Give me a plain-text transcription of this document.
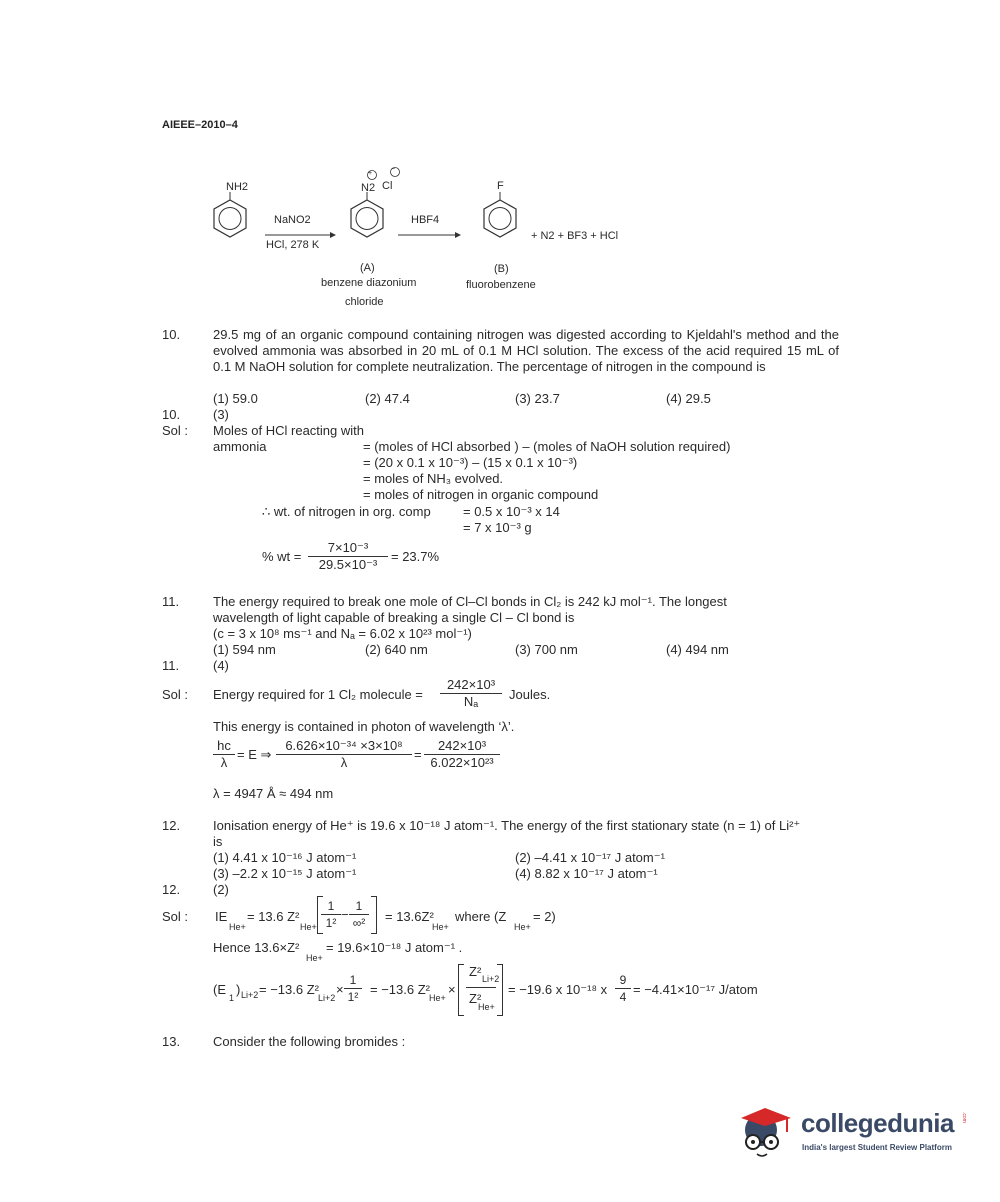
AIEEE–2010–4
NH2
+
−
N2 Cl	F
NaNO2
HCl, 278 K
HBF4
+ N2 + BF3 + HCl
(A)
benzene diazonium
chloride
(B)
fluorobenzene
10.	29.5 mg of an organic compound containing nitrogen was digested according to Kjeldahl's method and the evolved ammonia was absorbed in 20 mL of 0.1 M HCl solution. The excess of the acid required 15 mL of 0.1 M NaOH solution for complete neutralization. The percentage of nitrogen in the compound is
(1) 59.0	(2) 47.4	(3) 23.7	(4) 29.5
10.	(3)
Sol : Moles of HCl reacting with
ammonia	= (moles of HCl absorbed ) – (moles of NaOH solution required)
= (20 x 0.1 x 10⁻³) – (15 x 0.1 x 10⁻³)
= moles of NH₃ evolved.
= moles of nitrogen in organic compound
∴ wt. of nitrogen in org. comp = 0.5 x 10⁻³ x 14
= 7 x 10⁻³ g
% wt = $\frac{\text{7×10⁻³}}{\text{29.5×10⁻³}} = 23.7\%$
11.	The energy required to break one mole of Cl–Cl bonds in Cl₂ is 242 kJ mol⁻¹. The longest
wavelength of light capable of breaking a single Cl – Cl bond is
(c = 3 x 10⁸ ms⁻¹ and Nₐ = 6.02 x 10²³ mol⁻¹)
(1) 594 nm	(2) 640 nm	(3) 700 nm	(4) 494 nm
11.	(4)
Sol : Energy required for 1 Cl₂ molecule = $\frac{\text{242×10³}}{\text{Nₐ}}$ Joules.
This energy is contained in photon of wavelength ‘λ’.
$\frac{hc}{\lambda} = E$ ⇒ $\frac{\text{6.626×10⁻³⁴ ×3×10⁸}}{\lambda} = \frac{\text{242×10³}}{\text{6.022×10²³}}$
λ = 4947 Å ≈ 494 nm
12.	Ionisation energy of He⁺ is 19.6 x 10⁻¹⁸ J atom⁻¹. The energy of the first stationary state (n = 1) of Li²⁺
is
(1) 4.41 x 10⁻¹⁶ J atom⁻¹	(2) –4.41 x 10⁻¹⁷ J atom⁻¹
(3) –2.2 x 10⁻¹⁵ J atom⁻¹	(4) 8.82 x 10⁻¹⁷ J atom⁻¹
12.	(2)
Sol : IE
He+
= 13.6 Z²
$He+ \frac{1}{\text{1²}}$ −
1
∞² = 13.6Z²
He+
where (Z
He+
= 2)
Hence 13.6×Z²
He+
= 19.6×10⁻¹⁸ J atom⁻¹ .
(E
1
) Li+2 = −13.6 Z²
Li+2
× $\frac{1}{\text{1²}} = -13.6$ Z²
He+
×
Z² Li+2
Z²
He+
= −19.6 x 10⁻¹⁸ x $\frac{9}{4} = -4.41\times 10^{-17}$ J/atom
13.	Consider the following bromides :
collegedunia .com
India's largest Student Review Platform
